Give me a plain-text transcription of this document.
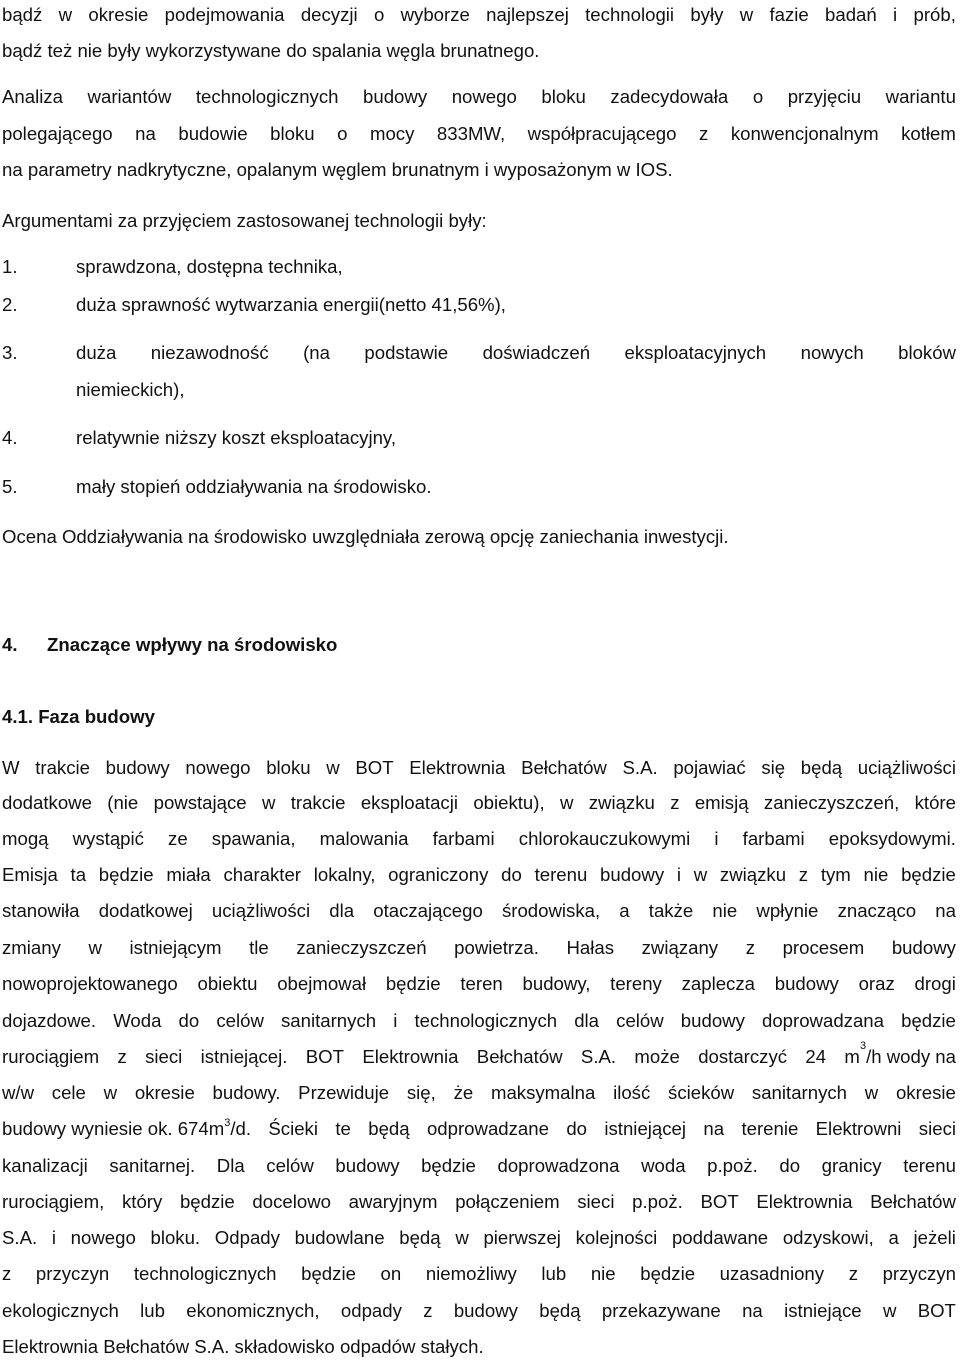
bądź w okresie podejmowania decyzji o wyborze najlepszej technologii były w fazie badań i prób,

bądź też nie były wykorzystywane do spalania węgla brunatnego.

Analiza wariantów technologicznych budowy nowego bloku zadecydowała o przyjęciu wariantu

polegającego na budowie bloku o mocy 833MW, współpracującego z konwencjonalnym kotłem

na parametry nadkrytyczne, opalanym węglem brunatnym i wyposażonym w IOS.

Argumentami za przyjęciem zastosowanej technologii były:

1.	sprawdzona, dostępna technika,

2.	duża sprawność wytwarzania energii(netto 41,56%),

3.	duża niezawodność (na podstawie doświadczeń eksploatacyjnych nowych bloków

niemieckich),

4.	relatywnie niższy koszt eksploatacyjny,

5.	mały stopień oddziaływania na środowisko.

Ocena Oddziaływania na środowisko uwzględniała zerową opcję zaniechania inwestycji.

4. Znaczące wpływy na środowisko

4.1. Faza budowy

W trakcie budowy nowego bloku w BOT Elektrownia Bełchatów S.A. pojawiać się będą uciążliwości

dodatkowe (nie powstające w trakcie eksploatacji obiektu), w związku z emisją zanieczyszczeń, które

mogą wystąpić ze spawania, malowania farbami chlorokauczukowymi i farbami epoksydowymi.

Emisja ta będzie miała charakter lokalny, ograniczony do terenu budowy i w związku z tym nie będzie

stanowiła dodatkowej uciążliwości dla otaczającego środowiska, a także nie wpłynie znacząco na

zmiany w istniejącym tle zanieczyszczeń powietrza. Hałas związany z procesem budowy

nowoprojektowanego obiektu obejmował będzie teren budowy, tereny zaplecza budowy oraz drogi

dojazdowe. Woda do celów sanitarnych i technologicznych dla celów budowy doprowadzana będzie

rurociągiem z sieci istniejącej. BOT Elektrownia Bełchatów S.A. może dostarczyć 24 m 3 /h wody na

w/w cele w okresie budowy. Przewiduje się, że maksymalna ilość ścieków sanitarnych w okresie

budowy wyniesie ok. $674m^3$ /d. Ścieki te będą odprowadzane do istniejącej na terenie Elektrowni sieci

kanalizacji sanitarnej. Dla celów budowy będzie doprowadzona woda p.poż. do granicy terenu

rurociągiem, który będzie docelowo awaryjnym połączeniem sieci p.poż. BOT Elektrownia Bełchatów

S.A. i nowego bloku. Odpady budowlane będą w pierwszej kolejności poddawane odzyskowi, a jeżeli

z przyczyn technologicznych będzie on niemożliwy lub nie będzie uzasadniony z przyczyn

ekologicznych lub ekonomicznych, odpady z budowy będą przekazywane na istniejące w BOT

Elektrownia Bełchatów S.A. składowisko odpadów stałych.
